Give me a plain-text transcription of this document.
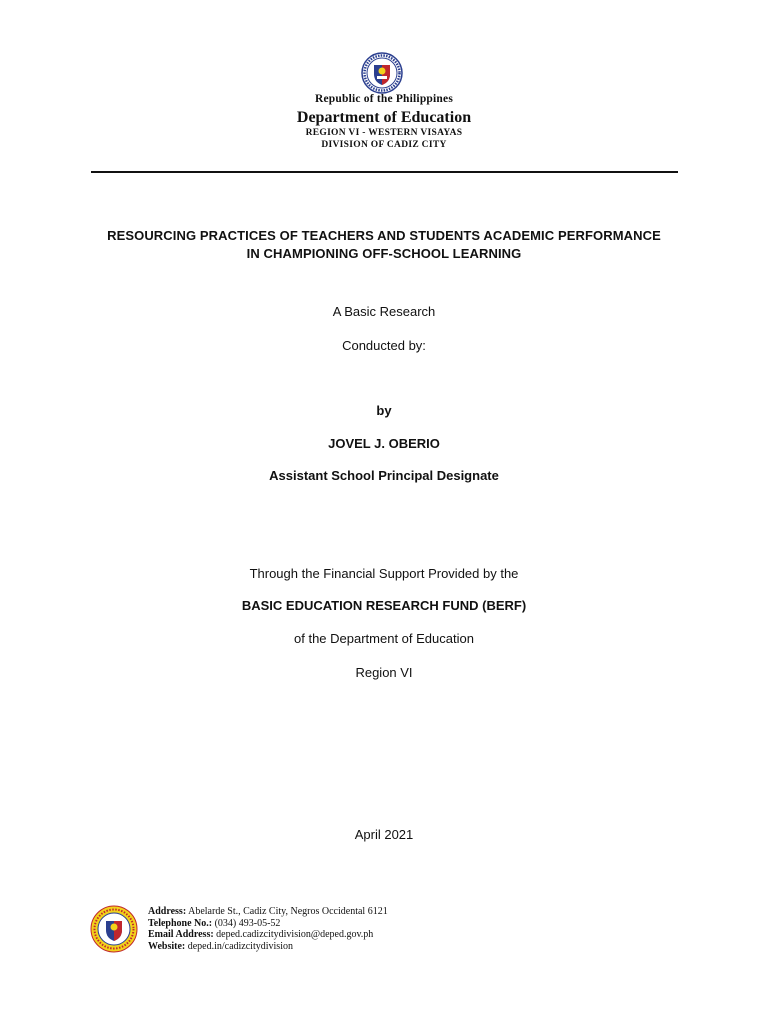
Republic of the Philippines
Department of Education
REGION VI - WESTERN VISAYAS
DIVISION OF CADIZ CITY
RESOURCING PRACTICES OF TEACHERS AND STUDENTS ACADEMIC PERFORMANCE
IN CHAMPIONING OFF-SCHOOL LEARNING
A Basic Research
Conducted by:
by
JOVEL J. OBERIO
Assistant School Principal Designate
Through the Financial Support Provided by the
BASIC EDUCATION RESEARCH FUND (BERF)
of the Department of Education
Region VI
April 2021
Address: Abelarde St., Cadiz City, Negros Occidental 6121
Telephone No.: (034) 493-05-52
Email Address: deped.cadizcitydivision@deped.gov.ph
Website: deped.in/cadizcitydivision
